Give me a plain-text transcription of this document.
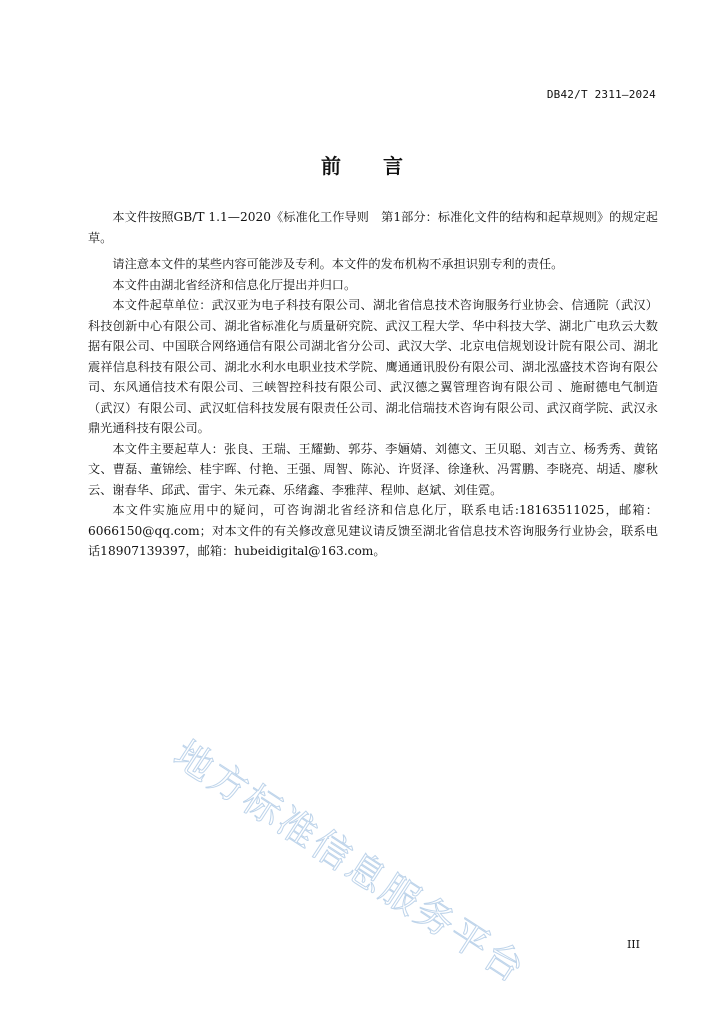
DB42/T 2311—2024
前 言

本文件按照GB/T 1.1—2020《标准化工作导则　第1部分：标准化文件的结构和起草规则》的规定起草。

请注意本文件的某些内容可能涉及专利。本文件的发布机构不承担识别专利的责任。

本文件由湖北省经济和信息化厅提出并归口。

本文件起草单位：武汉亚为电子科技有限公司、湖北省信息技术咨询服务行业协会、信通院（武汉）科技创新中心有限公司、湖北省标准化与质量研究院、武汉工程大学、华中科技大学、湖北广电玖云大数据有限公司、中国联合网络通信有限公司湖北省分公司、武汉大学、北京电信规划设计院有限公司、湖北震祥信息科技有限公司、湖北水利水电职业技术学院、鹰通通讯股份有限公司、湖北泓盛技术咨询有限公司、东风通信技术有限公司、三峡智控科技有限公司、武汉德之翼管理咨询有限公司 、施耐德电气制造（武汉）有限公司、武汉虹信科技发展有限责任公司、湖北信瑞技术咨询有限公司、武汉商学院、武汉永鼎光通科技有限公司。

本文件主要起草人：张良、王瑞、王耀勤、郭芬、李婳婧、刘德文、王贝聪、刘吉立、杨秀秀、黄铭文、曹磊、董锦绘、桂宇晖、付艳、王强、周智、陈沁、许贤泽、徐逢秋、冯霄鹏、李晓亮、胡适、廖秋云、谢春华、邱武、雷宇、朱元森、乐绪鑫、李雅萍、程帅、赵斌、刘佳霓。

本文件实施应用中的疑问，可咨询湖北省经济和信息化厅，联系电话:18163511025，邮箱：6066150@qq.com；对本文件的有关修改意见建议请反馈至湖北省信息技术咨询服务行业协会，联系电话18907139397，邮箱：hubeidigital@163.com。

地方标准信息服务平台	III
